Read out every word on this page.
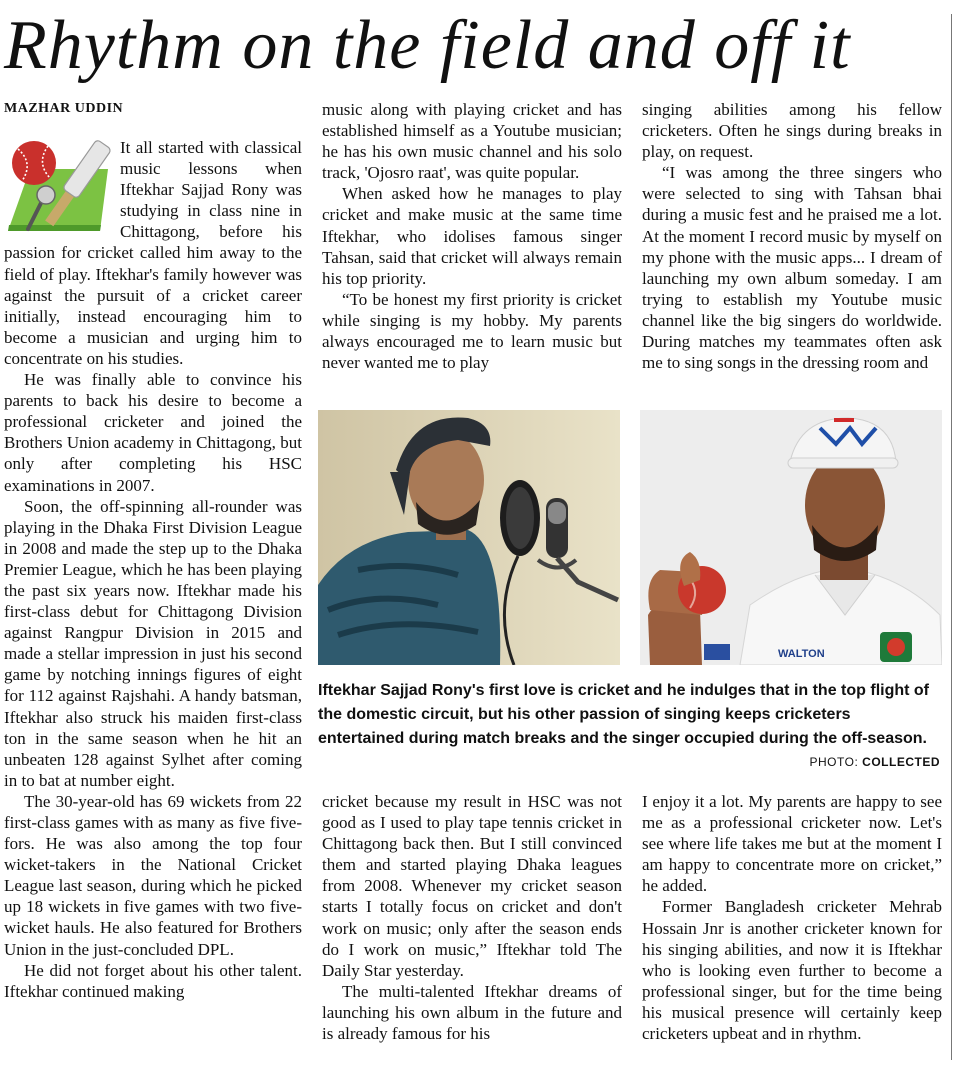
Rhythm on the field and off it
MAZHAR UDDIN

It all started with classical music lessons when Iftekhar Sajjad Rony was studying in class nine in Chittagong, before his passion for cricket called him away to the field of play. Iftekhar's family however was against the pursuit of a cricket career initially, instead encouraging him to become a musician and urging him to concentrate on his studies.

He was finally able to convince his parents to back his desire to become a professional cricketer and joined the Brothers Union academy in Chittagong, but only after completing his HSC examinations in 2007.

Soon, the off-spinning all-rounder was playing in the Dhaka First Division League in 2008 and made the step up to the Dhaka Premier League, which he has been playing the past six years now. Iftekhar made his first-class debut for Chittagong Division against Rangpur Division in 2015 and made a stellar impression in just his second game by notching innings figures of eight for 112 against Rajshahi. A handy batsman, Iftekhar also struck his maiden first-class ton in the same season when he hit an unbeaten 128 against Sylhet after coming in to bat at number eight.

The 30-year-old has 69 wickets from 22 first-class games with as many as five five-fors. He was also among the top four wicket-takers in the National Cricket League last season, during which he picked up 18 wickets in five games with two five-wicket hauls. He also featured for Brothers Union in the just-concluded DPL.

He did not forget about his other talent. Iftekhar continued making

music along with playing cricket and has established himself as a Youtube musician; he has his own music channel and his solo track, 'Ojosro raat', was quite popular.

When asked how he manages to play cricket and make music at the same time Iftekhar, who idolises famous singer Tahsan, said that cricket will always remain his top priority.

“To be honest my first priority is cricket while singing is my hobby. My parents always encouraged me to learn music but never wanted me to play

singing abilities among his fellow cricketers. Often he sings during breaks in play, on request.

“I was among the three singers who were selected to sing with Tahsan bhai during a music fest and he praised me a lot. At the moment I record music by myself on my phone with the music apps... I dream of launching my own album someday. I am trying to establish my Youtube music channel like the big singers do worldwide. During matches my teammates often ask me to sing songs in the dressing room and

WALTON

Iftekhar Sajjad Rony's first love is cricket and he indulges that in the top flight of the domestic circuit, but his other passion of singing keeps cricketers entertained during match breaks and the singer occupied during the off-season.

PHOTO: COLLECTED

cricket because my result in HSC was not good as I used to play tape tennis cricket in Chittagong back then. But I still convinced them and started playing Dhaka leagues from 2008. Whenever my cricket season starts I totally focus on cricket and don't work on music; only after the season ends do I work on music,” Iftekhar told The Daily Star yesterday.

The multi-talented Iftekhar dreams of launching his own album in the future and is already famous for his

I enjoy it a lot. My parents are happy to see me as a professional cricketer now. Let's see where life takes me but at the moment I am happy to concentrate more on cricket,” he added.

Former Bangladesh cricketer Mehrab Hossain Jnr is another cricketer known for his singing abilities, and now it is Iftekhar who is looking even further to become a professional singer, but for the time being his musical presence will certainly keep cricketers upbeat and in rhythm.
